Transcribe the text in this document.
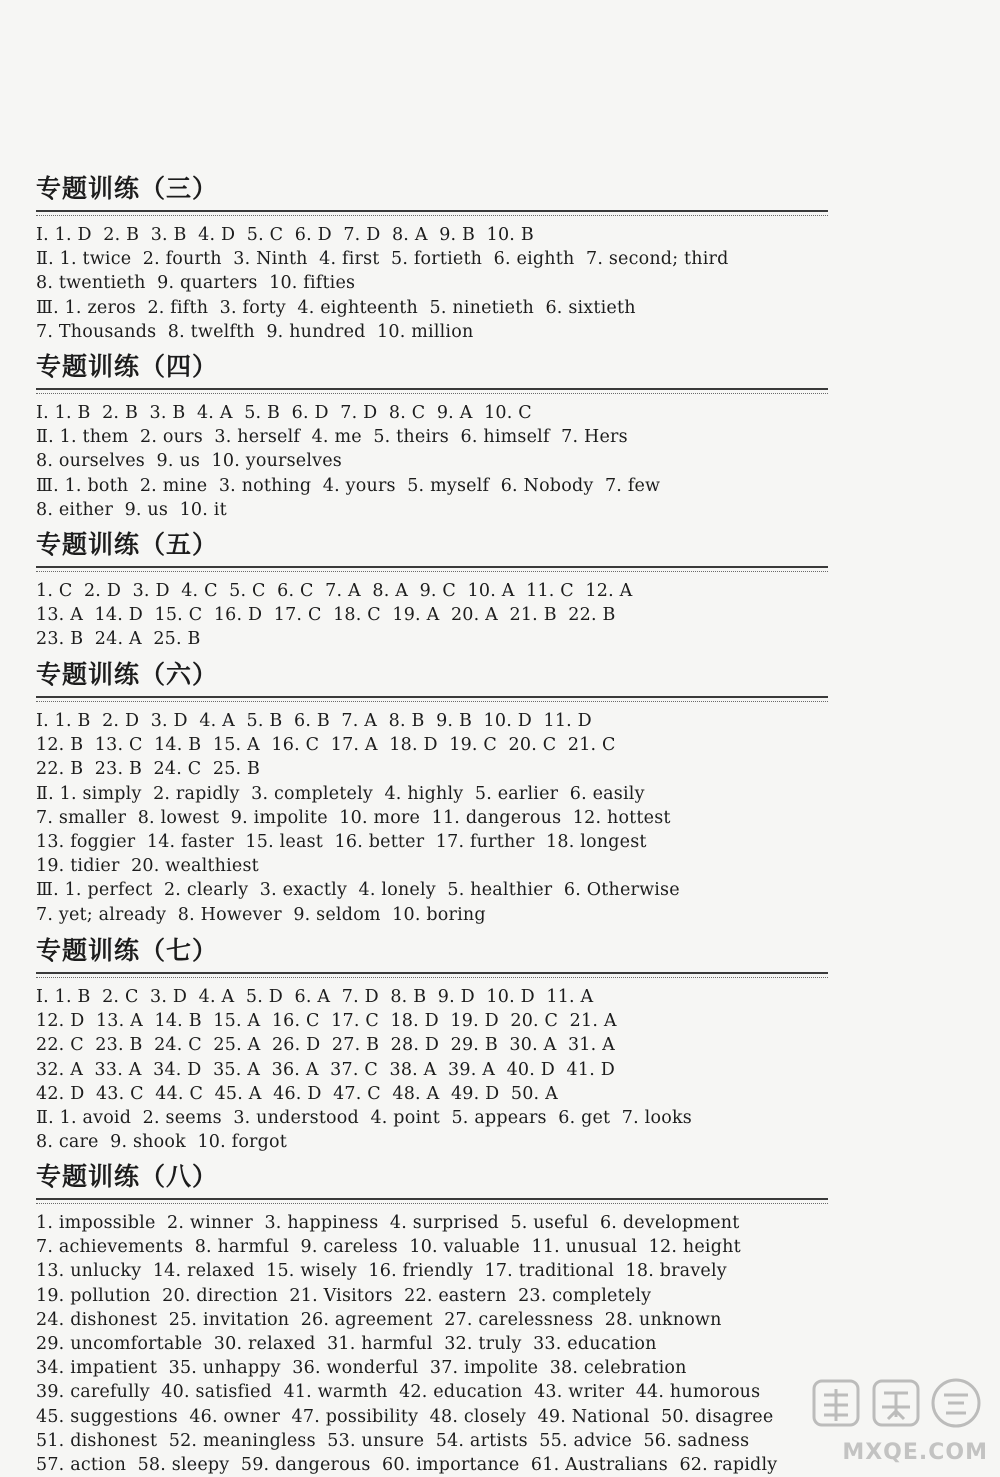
专题训练（三）
Ⅰ. 1. D  2. B  3. B  4. D  5. C  6. D  7. D  8. A  9. B  10. B
Ⅱ. 1. twice  2. fourth  3. Ninth  4. first  5. fortieth  6. eighth  7. second; third
8. twentieth  9. quarters  10. fifties
Ⅲ. 1. zeros  2. fifth  3. forty  4. eighteenth  5. ninetieth  6. sixtieth
7. Thousands  8. twelfth  9. hundred  10. million
专题训练（四）
Ⅰ. 1. B  2. B  3. B  4. A  5. B  6. D  7. D  8. C  9. A  10. C
Ⅱ. 1. them  2. ours  3. herself  4. me  5. theirs  6. himself  7. Hers
8. ourselves  9. us  10. yourselves
Ⅲ. 1. both  2. mine  3. nothing  4. yours  5. myself  6. Nobody  7. few
8. either  9. us  10. it
专题训练（五）
1. C  2. D  3. D  4. C  5. C  6. C  7. A  8. A  9. C  10. A  11. C  12. A
13. A  14. D  15. C  16. D  17. C  18. C  19. A  20. A  21. B  22. B
23. B  24. A  25. B
专题训练（六）
Ⅰ. 1. B  2. D  3. D  4. A  5. B  6. B  7. A  8. B  9. B  10. D  11. D
12. B  13. C  14. B  15. A  16. C  17. A  18. D  19. C  20. C  21. C
22. B  23. B  24. C  25. B
Ⅱ. 1. simply  2. rapidly  3. completely  4. highly  5. earlier  6. easily
7. smaller  8. lowest  9. impolite  10. more  11. dangerous  12. hottest
13. foggier  14. faster  15. least  16. better  17. further  18. longest
19. tidier  20. wealthiest
Ⅲ. 1. perfect  2. clearly  3. exactly  4. lonely  5. healthier  6. Otherwise
7. yet; already  8. However  9. seldom  10. boring
专题训练（七）
Ⅰ. 1. B  2. C  3. D  4. A  5. D  6. A  7. D  8. B  9. D  10. D  11. A
12. D  13. A  14. B  15. A  16. C  17. C  18. D  19. D  20. C  21. A
22. C  23. B  24. C  25. A  26. D  27. B  28. D  29. B  30. A  31. A
32. A  33. A  34. D  35. A  36. A  37. C  38. A  39. A  40. D  41. D
42. D  43. C  44. C  45. A  46. D  47. C  48. A  49. D  50. A
Ⅱ. 1. avoid  2. seems  3. understood  4. point  5. appears  6. get  7. looks
8. care  9. shook  10. forgot
专题训练（八）
1. impossible  2. winner  3. happiness  4. surprised  5. useful  6. development
7. achievements  8. harmful  9. careless  10. valuable  11. unusual  12. height
13. unlucky  14. relaxed  15. wisely  16. friendly  17. traditional  18. bravely
19. pollution  20. direction  21. Visitors  22. eastern  23. completely
24. dishonest  25. invitation  26. agreement  27. carelessness  28. unknown
29. uncomfortable  30. relaxed  31. harmful  32. truly  33. education
34. impatient  35. unhappy  36. wonderful  37. impolite  38. celebration
39. carefully  40. satisfied  41. warmth  42. education  43. writer  44. humorous
45. suggestions  46. owner  47. possibility  48. closely  49. National  50. disagree
51. dishonest  52. meaningless  53. unsure  54. artists  55. advice  56. sadness
57. action  58. sleepy  59. dangerous  60. importance  61. Australians  62. rapidly	MXQE.COM
